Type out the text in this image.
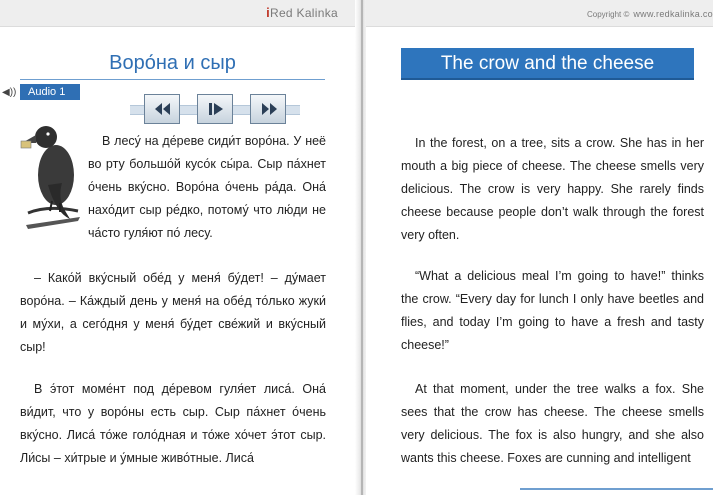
iRed Kalinka
Воро́на и сыр
◀))	Audio 1
В лесу́ на де́реве сиди́т воро́на. У неё во рту большо́й кусо́к сы́ра. Сыр па́хнет о́чень вку́сно. Воро́на о́чень ра́да. Она́ нахо́дит сыр ре́дко, потому́ что лю́ди не ча́сто гуля́ют по́ лесу.
– Како́й вку́сный обе́д у меня́ бу́дет! – ду́мает воро́на. – Ка́ждый день у меня́ на обе́д то́лько жуки́ и му́хи, а сего́дня у меня́ бу́дет све́жий и вку́сный сыр!
В э́тот моме́нт под де́ревом гуля́ет лиса́. Она́ ви́дит, что у воро́ны есть сыр. Сыр па́хнет о́чень вку́сно. Лиса́ то́же голо́дная и то́же хо́чет э́тот сыр. Ли́сы – хи́трые и у́мные живо́тные. Лиса́
Copyright © www.redkalinka.co
The crow and the cheese
In the forest, on a tree, sits a crow. She has in her mouth a big piece of cheese. The cheese smells very delicious. The crow is very happy. She rarely finds cheese because people don’t walk through the forest very often.
“What a delicious meal I’m going to have!” thinks the crow. “Every day for lunch I only have beetles and flies, and today I’m going to have a fresh and tasty cheese!”
At that moment, under the tree walks a fox. She sees that the crow has cheese. The cheese smells very delicious. The fox is also hungry, and she also wants this cheese. Foxes are cunning and intelligent
